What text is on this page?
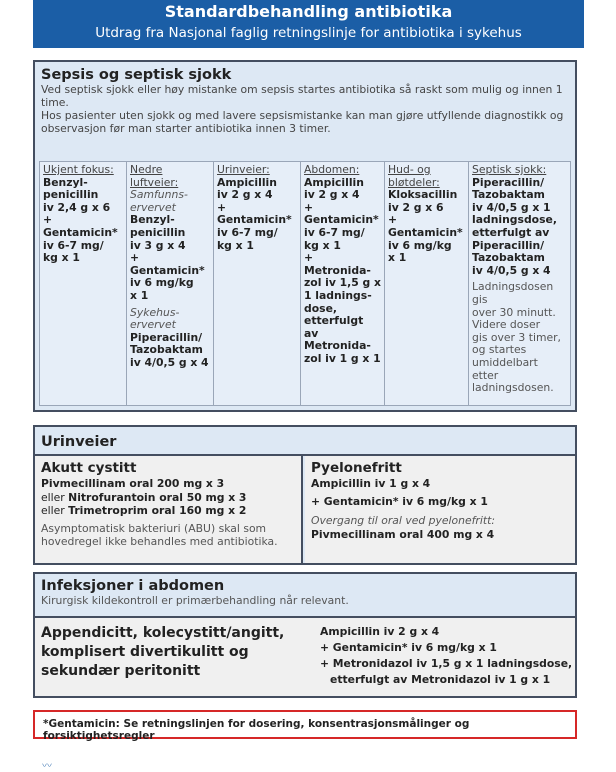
Standardbehandling antibiotika
Utdrag fra Nasjonal faglig retningslinje for antibiotika i sykehus
Sepsis og septisk sjokk

Ved septisk sjokk eller høy mistanke om sepsis startes antibiotika så raskt som mulig og innen 1 time.

Hos pasienter uten sjokk og med lavere sepsismistanke kan man gjøre utfyllende diagnostikk og observasjon før man starter antibiotika innen 3 timer.

Ukjent fokus:
Benzyl-
penicillin
iv 2,4 g x 6
+
Gentamicin*
iv 6-7 mg/
kg x 1
Nedre
luftveier:
Samfunns-
ervervet
Benzyl-
penicillin
iv 3 g x 4
+
Gentamicin*
iv 6 mg/kg
x 1
Sykehus-
ervervet
Piperacillin/
Tazobaktam
iv 4/0,5 g x 4
Urinveier:
Ampicillin
iv 2 g x 4
+
Gentamicin*
iv 6-7 mg/
kg x 1
Abdomen:
Ampicillin
iv 2 g x 4
+
Gentamicin*
iv 6-7 mg/
kg x 1
+
Metronida-
zol iv 1,5 g x
1 ladnings-
dose,
etterfulgt av
Metronida-
zol iv 1 g x 1
Hud- og
bløtdeler:
Kloksacillin
iv 2 g x 6
+
Gentamicin*
iv 6 mg/kg
x 1
Septisk sjokk:
Piperacillin/
Tazobaktam
iv 4/0,5 g x 1
ladningsdose,
etterfulgt av
Piperacillin/
Tazobaktam
iv 4/0,5 g x 4
Ladningsdosen gis
over 30 minutt.
Videre doser
gis over 3 timer,
og startes
umiddelbart etter
ladningsdosen.
Urinveier
Akutt cystitt
Pivmecillinam oral 200 mg x 3
eller Nitrofurantoin oral 50 mg x 3
eller Trimetroprim oral 160 mg x 2
Asymptomatisk bakteriuri (ABU) skal som hovedregel ikke behandles med antibiotika.
Pyelonefritt
Ampicillin iv 1 g x 4
+ Gentamicin* iv 6 mg/kg x 1
Overgang til oral ved pyelonefritt:
Pivmecillinam oral 400 mg x 4
Infeksjoner i abdomen
Kirurgisk kildekontroll er primærbehandling når relevant.
Appendicitt, kolecystitt/angitt, komplisert divertikulitt og sekundær peritonitt
Ampicillin iv 2 g x 4
+ Gentamicin* iv 6 mg/kg x 1
+ Metronidazol iv 1,5 g x 1 ladningsdose,
etterfulgt av Metronidazol iv 1 g x 1
*Gentamicin: Se retningslinjen for dosering, konsentrasjonsmålinger og forsiktighetsregler
〰
